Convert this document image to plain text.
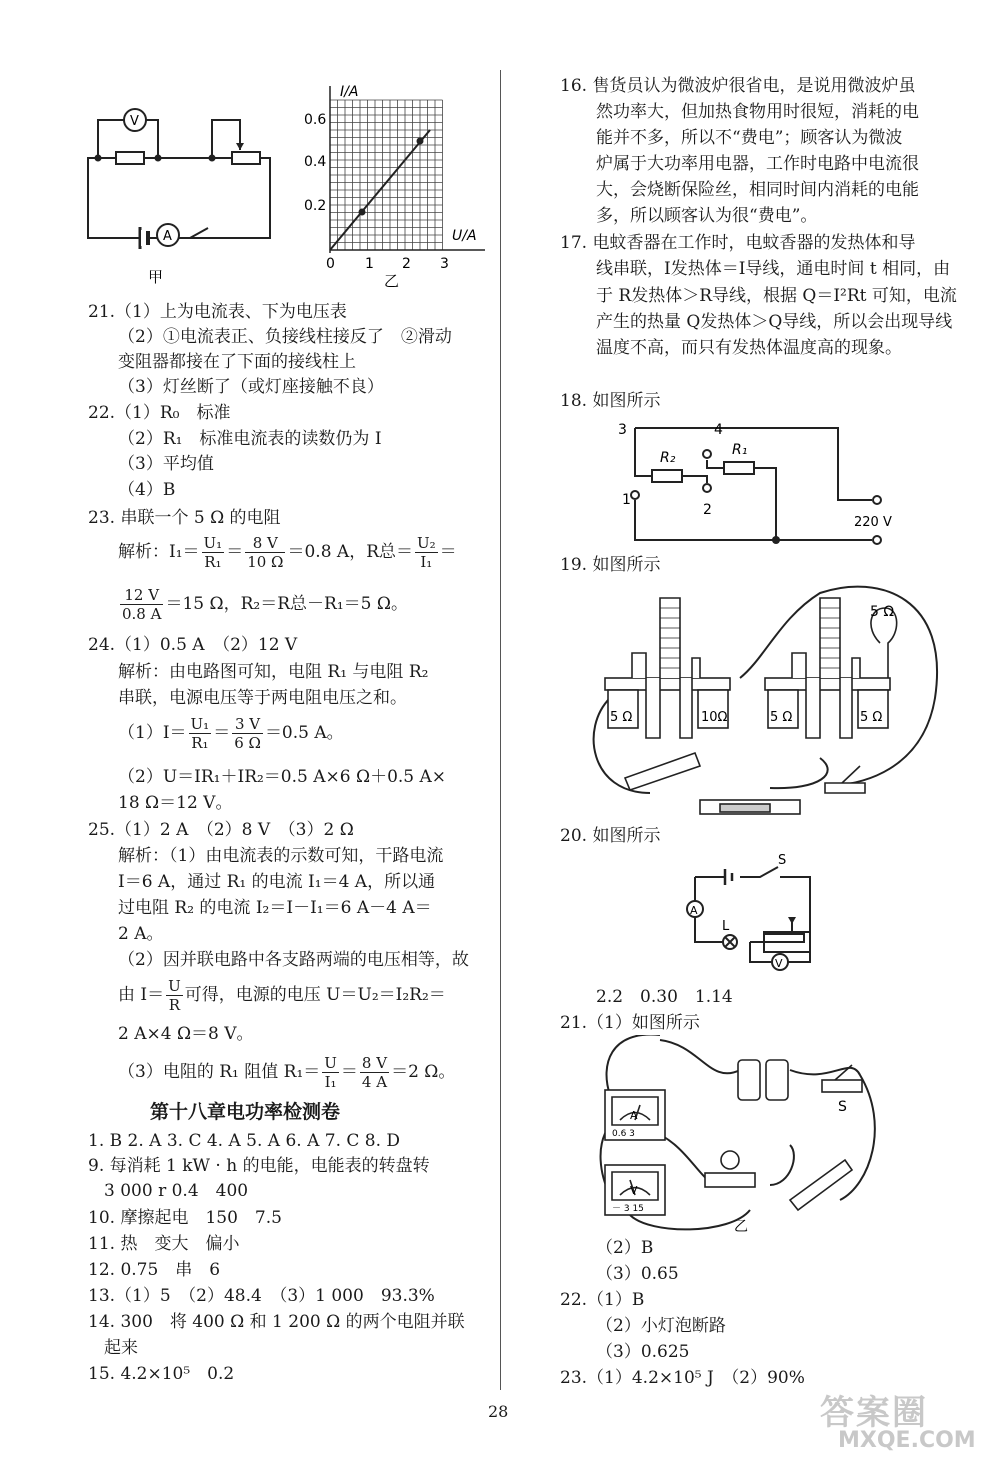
V
A
甲
I/A
U/A
0.6
0.4
0.2
0 1 2 3
乙
21.（1）上为电流表、下为电压表
（2）①电流表正、负接线柱接反了　②滑动
变阻器都接在了下面的接线柱上
（3）灯丝断了（或灯座接触不良）
22.（1）R₀　标准
（2）R₁　标准电流表的读数仍为 I
（3）平均值
（4）B
23. 串联一个 5 Ω 的电阻
解析：$I_1= \frac{\text{U₁}}{\text{R₁}} = \frac{8 V}{10 \Omega} =0.8$ A，R总＝ $\frac{\text{U₂}}{\text{I₁}}$ ＝
$\frac{12 V}{0.8 A} =15$ Ω，R₂＝R总－R₁＝5 Ω。
24.（1）0.5 A　（2）12 V
解析：由电路图可知，电阻 R₁ 与电阻 R₂
串联，电源电压等于两电阻电压之和。
$(1)I= \frac{\text{U₁}}{\text{R₁}} = \frac{3 V}{6 \Omega} =0.5$ A。
（2）U＝IR₁＋IR₂＝0.5 A×6 Ω＋0.5 A×
18 Ω＝12 V。
25.（1）2 A　（2）8 V　（3）2 Ω
解析：（1）由电流表的示数可知，干路电流
I＝6 A，通过 R₁ 的电流 I₁＝4 A，所以通
过电阻 R₂ 的电流 I₂＝I－I₁＝6 A－4 A＝
2 A。
（2）因并联电路中各支路两端的电压相等，故
由 $I= \frac{U}{R}$ 可得，电源的电压 U＝U₂＝I₂R₂＝
2 A×4 Ω＝8 V。
（3）电阻的 R₁ 阻值 $R_1= \frac{U}{\text{I₁}} = \frac{8 V}{4 A} =2$ Ω。
第十八章电功率检测卷
1. B 2. A 3. C 4. A 5. A 6. A 7. C 8. D
9. 每消耗 1 kW · h 的电能，电能表的转盘转
3 000 r 0.4　400
10. 摩擦起电　150　7.5
11. 热　变大　偏小
12. 0.75　串　6
13.（1）5　（2）48.4　（3）1 000　93.3%
14. 300　将 400 Ω 和 1 200 Ω 的两个电阻并联
起来
15. 4.2×10⁵　0.2
16. 售货员认为微波炉很省电，是说用微波炉虽
然功率大，但加热食物用时很短，消耗的电
能并不多，所以不“费电”；顾客认为微波
炉属于大功率用电器，工作时电路中电流很
大，会烧断保险丝，相同时间内消耗的电能
多，所以顾客认为很“费电”。
17. 电蚊香器在工作时，电蚊香器的发热体和导
线串联，I发热体＝I导线，通电时间 t 相同，由
于 R发热体＞R导线，根据 Q＝I²Rt 可知，电流
产生的热量 Q发热体＞Q导线，所以会出现导线
温度不高，而只有发热体温度高的现象。
18. 如图所示
19. 如图所示
20. 如图所示
2.2　0.30　1.14
21.（1）如图所示
（2）B
（3）0.65
22.（1）B
（2）小灯泡断路
（3）0.625
23.（1）4.2×10⁵ J　（2）90%
3	4
1
2
R₂	R₁
220 V
5 Ω
5 Ω	10Ω	5 Ω	5 Ω
S
L
A
V
A
V
0.6 3
－ 3 15
S
乙
28	答案圈
MXQE.COM
